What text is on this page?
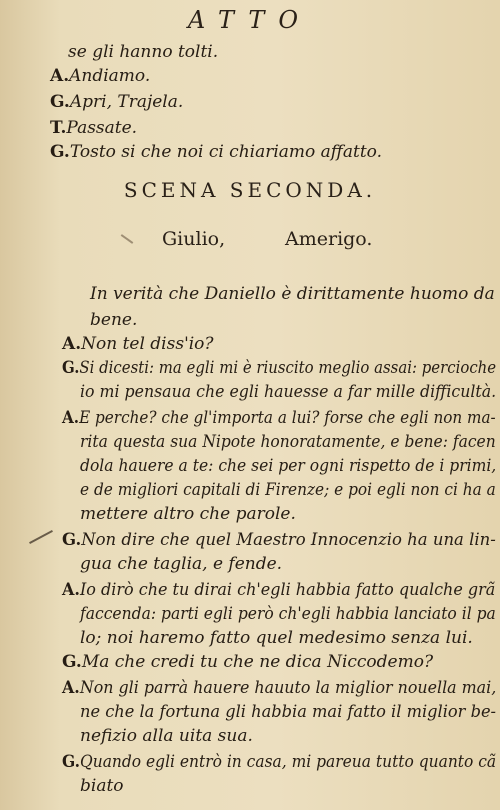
ATTO
se gli hanno tolti.
A.Andiamo.
G.Apri, Trajela.
T.Passate.
G.Tosto si che noi ci chiariamo affatto.
SCENA SECONDA.
Giulio,	Amerigo.
In verità che Daniello è dirittamente huomo da
bene.
A.Non tel diss'io?
G.Si dicesti: ma egli mi è riuscito meglio assai: percioche
io mi pensaua che egli hauesse a far mille difficultà.
A.E perche? che gl'importa a lui? forse che egli non ma-
rita questa sua Nipote honoratamente, e bene: facen
dola hauere a te: che sei per ogni rispetto de i primi,
e de migliori capitali di Firenze; e poi egli non ci ha a
mettere altro che parole.
G.Non dire che quel Maestro Innocenzio ha una lin-
gua che taglia, e fende.
A.Io dirò che tu dirai ch'egli habbia fatto qualche grã
faccenda: parti egli però ch'egli habbia lanciato il pa
lo; noi haremo fatto quel medesimo senza lui.
G.Ma che credi tu che ne dica Niccodemo?
A.Non gli parrà hauere hauuto la miglior nouella mai,
ne che la fortuna gli habbia mai fatto il miglior be-
nefizio alla uita sua.
G.Quando egli entrò in casa, mi pareua tutto quanto cã
biato
